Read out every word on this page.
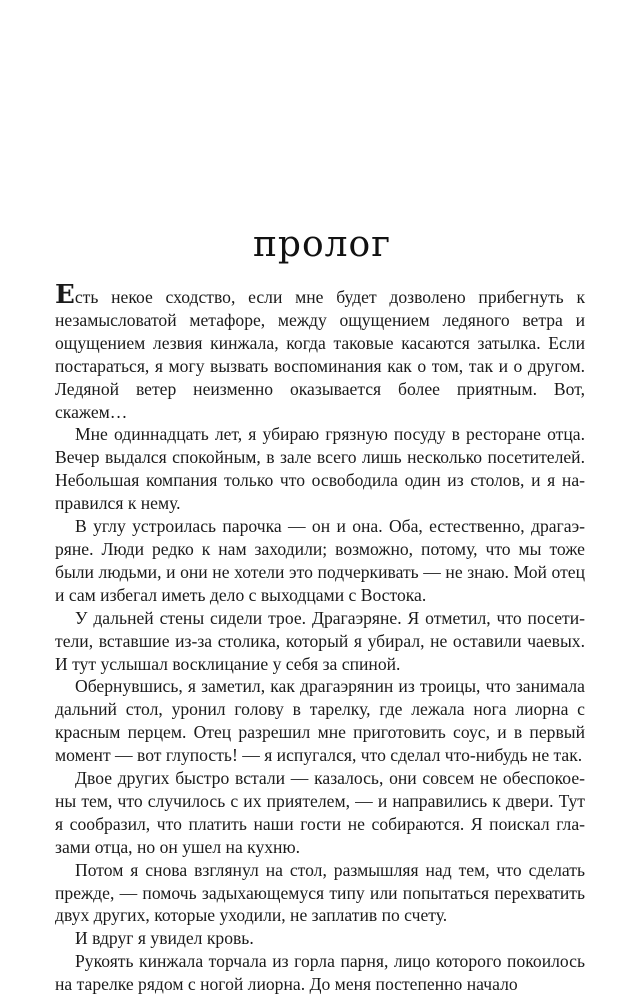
пролог

Есть некое сходство, если мне будет дозволено прибегнуть к незамысловатой метафоре, между ощущением ледяного ветра и ощущением лезвия кинжала, когда таковые касаются затылка. Если постараться, я могу вызвать воспоминания как о том, так и о другом. Ледяной ветер неизменно оказывается более приятным. Вот, скажем…

Мне одиннадцать лет, я убираю грязную посуду в ресторане отца. Вечер выдался спокойным, в зале всего лишь несколько посетителей. Небольшая компания только что освободила один из столов, и я направился к нему.

В углу устроилась парочка — он и она. Оба, естественно, драгаэряне. Люди редко к нам заходили; возможно, потому, что мы тоже были людьми, и они не хотели это подчеркивать — не знаю. Мой отец и сам избегал иметь дело с выходцами с Востока.

У дальней стены сидели трое. Драгаэряне. Я отметил, что посетители, вставшие из-за столика, который я убирал, не оставили чаевых. И тут услышал восклицание у себя за спиной.

Обернувшись, я заметил, как драгаэрянин из троицы, что занимала дальний стол, уронил голову в тарелку, где лежала нога лиорна с красным перцем. Отец разрешил мне приготовить соус, и в первый момент — вот глупость! — я испугался, что сделал что-нибудь не так.

Двое других быстро встали — казалось, они совсем не обеспокоены тем, что случилось с их приятелем, — и направились к двери. Тут я сообразил, что платить наши гости не собираются. Я поискал глазами отца, но он ушел на кухню.

Потом я снова взглянул на стол, размышляя над тем, что сделать прежде, — помочь задыхающемуся типу или попытаться перехватить двух других, которые уходили, не заплатив по счету.

И вдруг я увидел кровь.

Рукоять кинжала торчала из горла парня, лицо которого покоилось на тарелке рядом с ногой лиорна. До меня постепенно начало
